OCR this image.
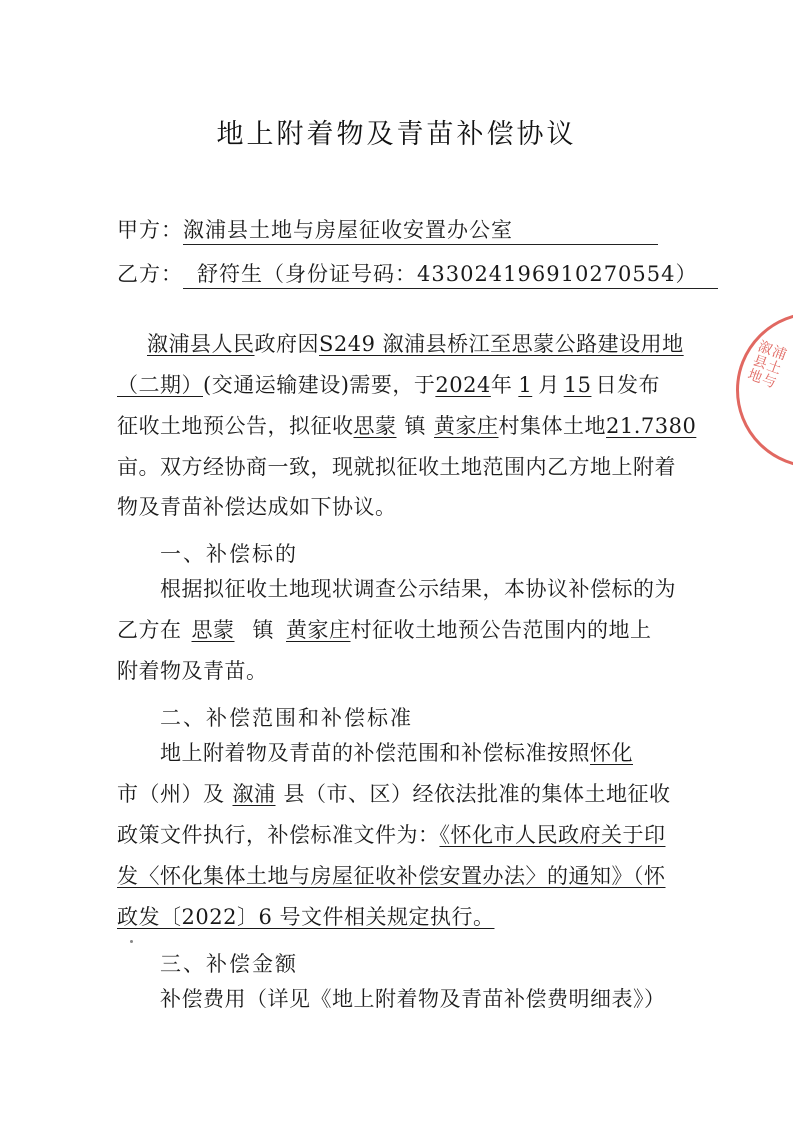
地上附着物及青苗补偿协议
甲方：溆浦县土地与房屋征收安置办公室
乙方： 舒符生（身份证号码：433024196910270554）
溆浦县人民政府因S249 溆浦县桥江至思蒙公路建设用地
（二期）(交通运输建设)需要，于2024年 1 月 15 日发布
征收土地预公告，拟征收思蒙 镇 黄家庄村集体土地21.7380
亩。双方经协商一致，现就拟征收土地范围内乙方地上附着
物及青苗补偿达成如下协议。
一、补偿标的
根据拟征收土地现状调查公示结果，本协议补偿标的为
乙方在 思蒙 镇 黄家庄村征收土地预公告范围内的地上
附着物及青苗。
二、补偿范围和补偿标准
地上附着物及青苗的补偿范围和补偿标准按照怀化
市（州）及 溆浦 县（市、区）经依法批准的集体土地征收
政策文件执行，补偿标准文件为：《怀化市人民政府关于印
发〈怀化集体土地与房屋征收补偿安置办法〉的通知》（怀
政发〔2022〕6 号文件相关规定执行。
三、补偿金额
补偿费用（详见《地上附着物及青苗补偿费明细表》）
溆浦县土地与
